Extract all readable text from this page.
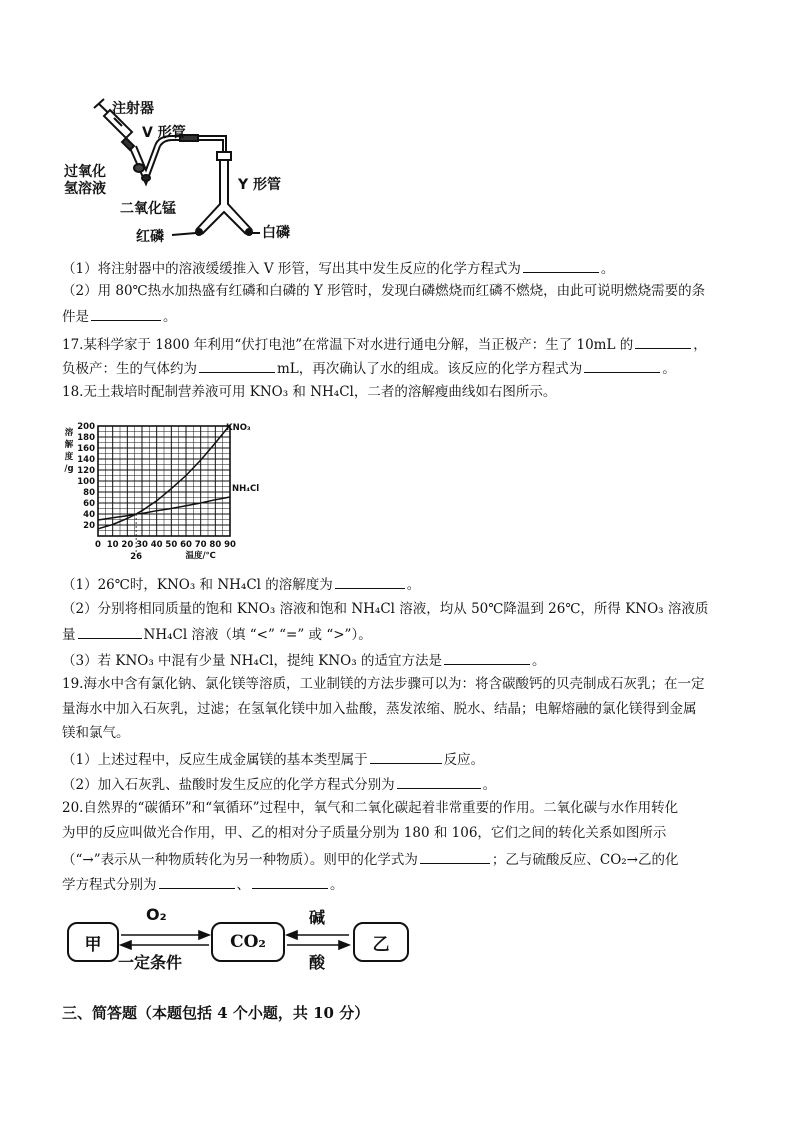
注射器
V 形管
过氧化
氢溶液
二氧化锰
Y 形管
红磷	白磷
（1）将注射器中的溶液缓缓推入 V 形管，写出其中发生反应的化学方程式为	。
（2）用 80℃热水加热盛有红磷和白磷的 Y 形管时，发现白磷燃烧而红磷不燃烧，由此可说明燃烧需要的条
件是	。
17.某科学家于 1800 年利用“伏打电池”在常温下对水进行通电分解，当正极产：生了 10mL 的	，
负极产：生的气体约为	mL，再次确认了水的组成。该反应的化学方程式为	。
18.无土栽培时配制营养液可用 KNO₃ 和 NH₄Cl，二者的溶解瘦曲线如右图所示。
0 10 20 30 40 50 60 70 80 90
20
40
60
80
100
120
140
160
180
200
溶
解
度
/g
温度/℃
26
KNO₃
NH₄Cl
（1）26℃时，KNO₃ 和 NH₄Cl 的溶解度为	。
（2）分别将相同质量的饱和 KNO₃ 溶液和饱和 NH₄Cl 溶液，均从 50℃降温到 26℃，所得 KNO₃ 溶液质
量	NH₄Cl 溶液（填 “<” “=” 或 “>”）。
（3）若 KNO₃ 中混有少量 NH₄Cl，提纯 KNO₃ 的适宜方法是	。
19.海水中含有氯化钠、氯化镁等溶质，工业制镁的方法步骤可以为：将含碳酸钙的贝壳制成石灰乳；在一定
量海水中加入石灰乳，过滤；在氢氧化镁中加入盐酸，蒸发浓缩、脱水、结晶；电解熔融的氯化镁得到金属
镁和氯气。
（1）上述过程中，反应生成金属镁的基本类型属于	反应。
（2）加入石灰乳、盐酸时发生反应的化学方程式分别为	。
20.自然界的“碳循环”和“氧循环”过程中，氧气和二氧化碳起着非常重要的作用。二氧化碳与水作用转化
为甲的反应叫做光合作用，甲、乙的相对分子质量分别为 180 和 106，它们之间的转化关系如图所示
（“→”表示从一种物质转化为另一种物质）。则甲的化学式为	；乙与硫酸反应、CO₂→乙的化
学方程式分别为	、	。
甲	CO₂	乙
O₂
一定条件
碱
酸
三、简答题（本题包括 4 个小题，共 10 分）
